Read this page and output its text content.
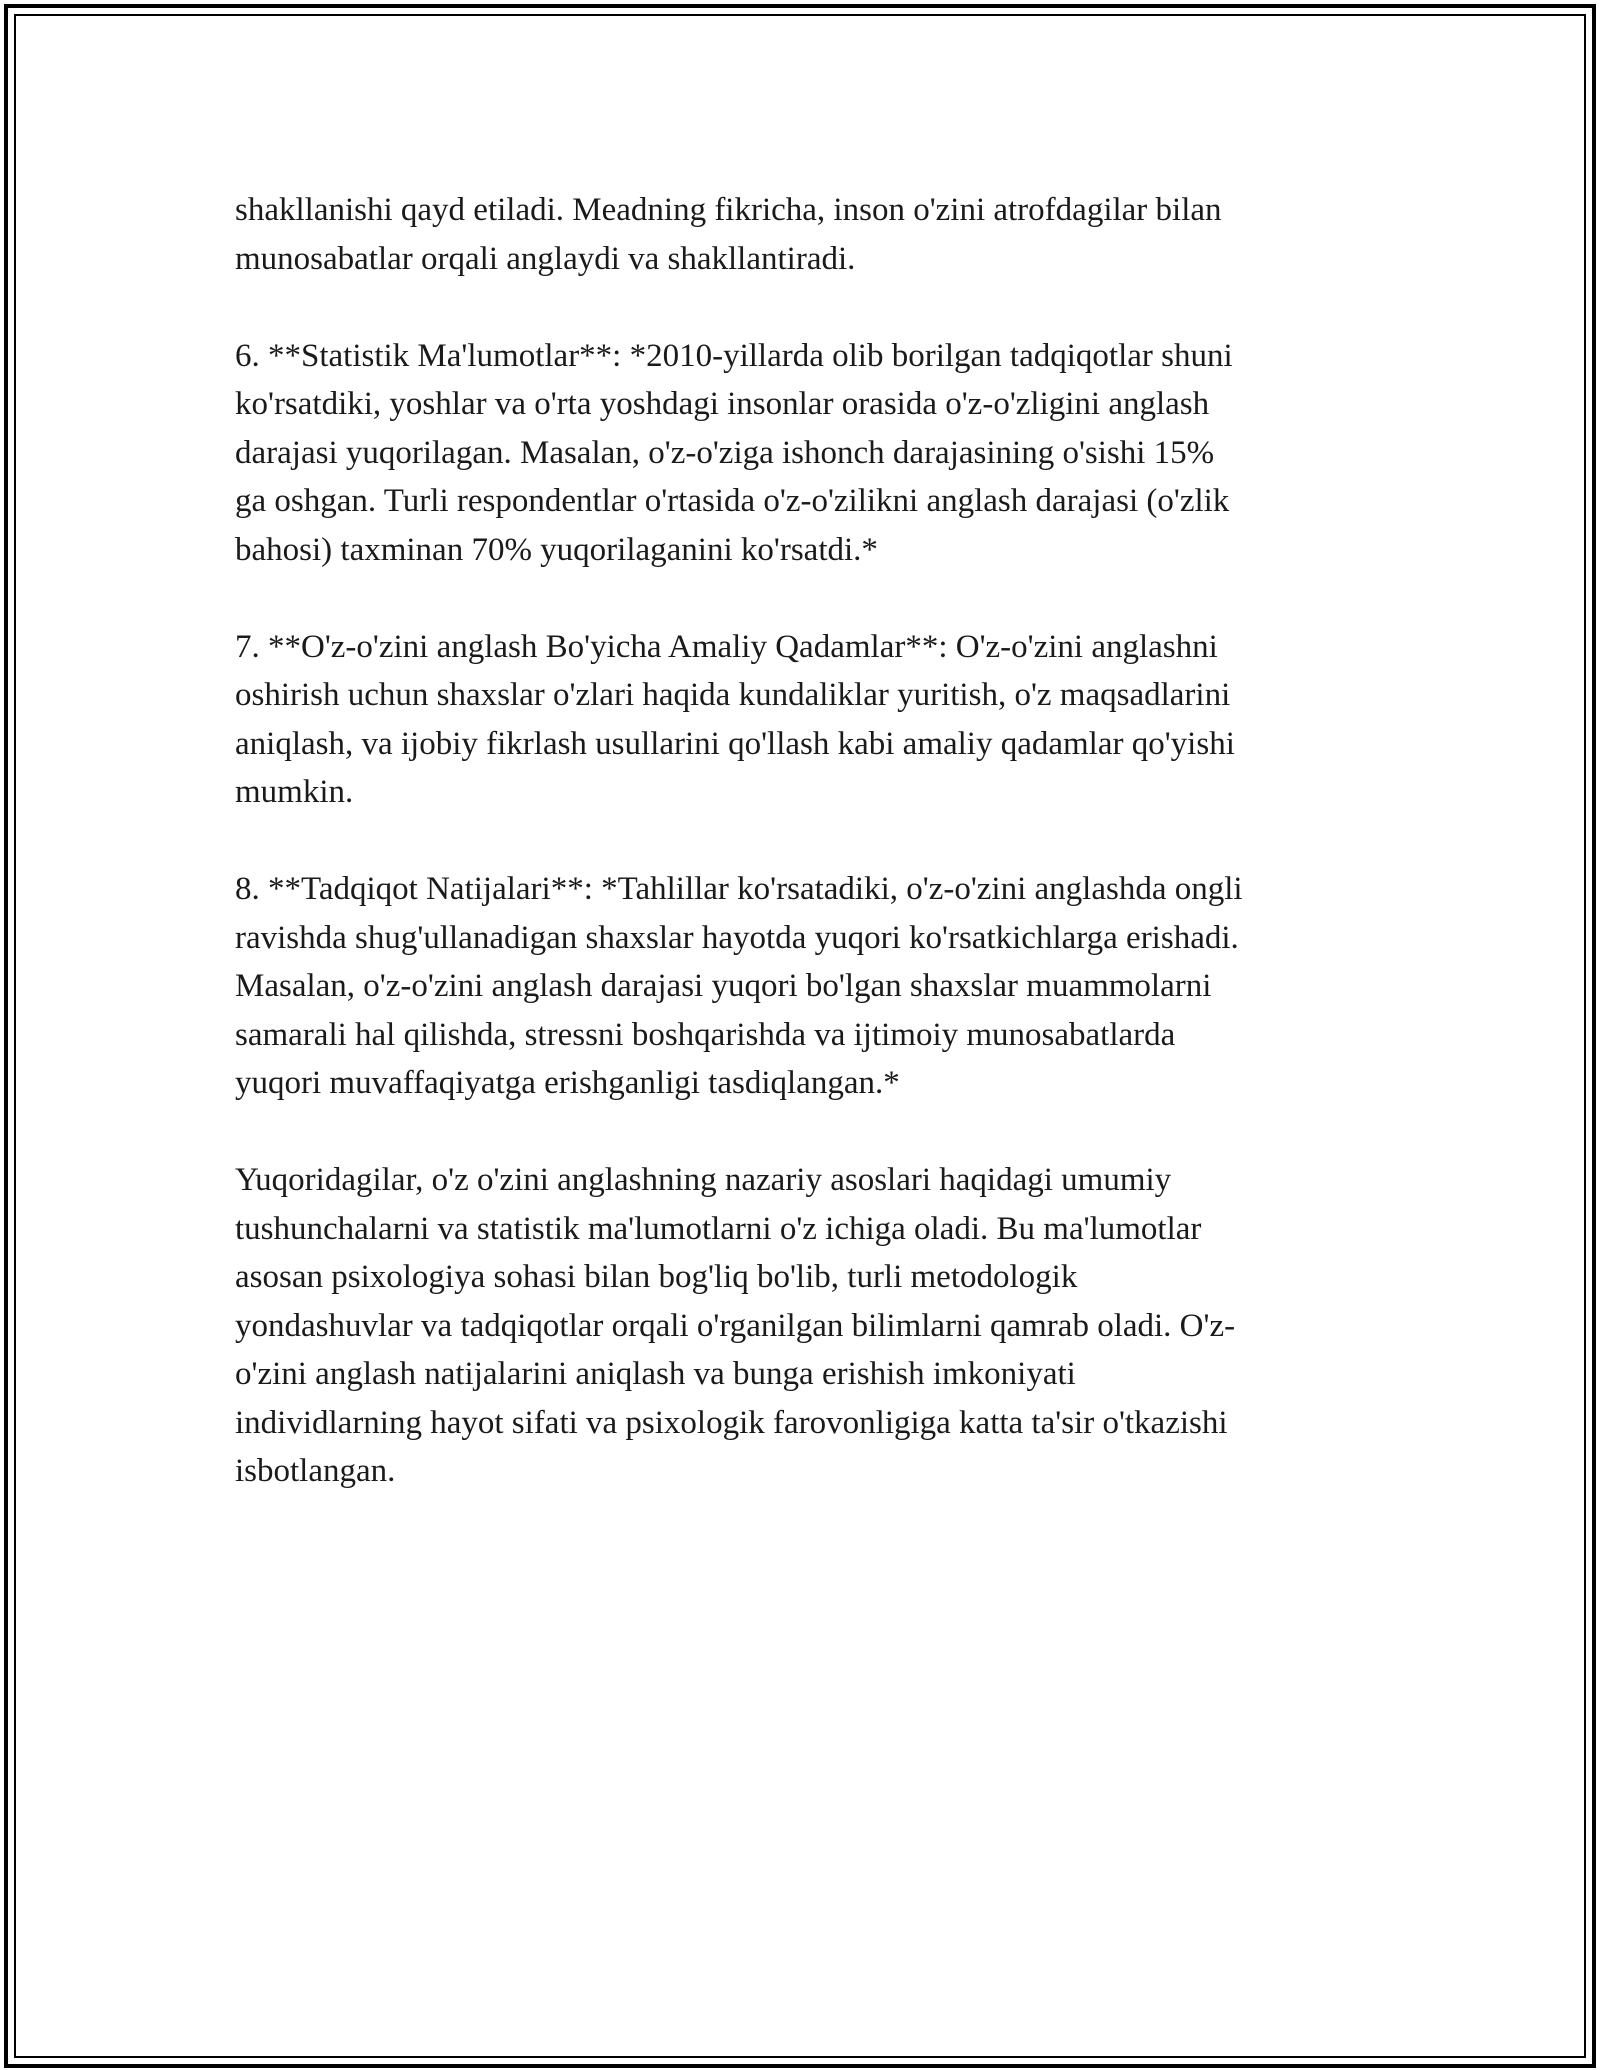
shakllanishi qayd etiladi. Meadning fikricha, inson o'zini atrofdagilar bilan
munosabatlar orqali anglaydi va shakllantiradi.

6. **Statistik Ma'lumotlar**: *2010-yillarda olib borilgan tadqiqotlar shuni
ko'rsatdiki, yoshlar va o'rta yoshdagi insonlar orasida o'z-o'zligini anglash
darajasi yuqorilagan. Masalan, o'z-o'ziga ishonch darajasining o'sishi 15%
ga oshgan. Turli respondentlar o'rtasida o'z-o'zilikni anglash darajasi (o'zlik
bahosi) taxminan 70% yuqorilaganini ko'rsatdi.*

7. **O'z-o'zini anglash Bo'yicha Amaliy Qadamlar**: O'z-o'zini anglashni
oshirish uchun shaxslar o'zlari haqida kundaliklar yuritish, o'z maqsadlarini
aniqlash, va ijobiy fikrlash usullarini qo'llash kabi amaliy qadamlar qo'yishi
mumkin.

8. **Tadqiqot Natijalari**: *Tahlillar ko'rsatadiki, o'z-o'zini anglashda ongli
ravishda shug'ullanadigan shaxslar hayotda yuqori ko'rsatkichlarga erishadi.
Masalan, o'z-o'zini anglash darajasi yuqori bo'lgan shaxslar muammolarni
samarali hal qilishda, stressni boshqarishda va ijtimoiy munosabatlarda
yuqori muvaffaqiyatga erishganligi tasdiqlangan.*

Yuqoridagilar, o'z o'zini anglashning nazariy asoslari haqidagi umumiy
tushunchalarni va statistik ma'lumotlarni o'z ichiga oladi. Bu ma'lumotlar
asosan psixologiya sohasi bilan bog'liq bo'lib, turli metodologik
yondashuvlar va tadqiqotlar orqali o'rganilgan bilimlarni qamrab oladi. O'z-
o'zini anglash natijalarini aniqlash va bunga erishish imkoniyati
individlarning hayot sifati va psixologik farovonligiga katta ta'sir o'tkazishi
isbotlangan.
